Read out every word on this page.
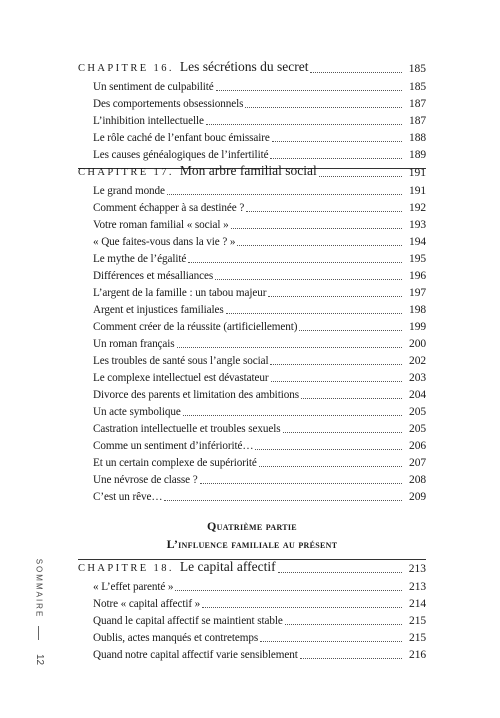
CHAPITRE 16. Les sécrétions du secret	185
Un sentiment de culpabilité	185
Des comportements obsessionnels	187
L’inhibition intellectuelle	187
Le rôle caché de l’enfant bouc émissaire	188
Les causes généalogiques de l’infertilité	189
CHAPITRE 17. Mon arbre familial social	191
Le grand monde	191
Comment échapper à sa destinée ?	192
Votre roman familial « social »	193
« Que faites-vous dans la vie ? »	194
Le mythe de l’égalité	195
Différences et mésalliances	196
L’argent de la famille : un tabou majeur	197
Argent et injustices familiales	198
Comment créer de la réussite (artificiellement)	199
Un roman français	200
Les troubles de santé sous l’angle social	202
Le complexe intellectuel est dévastateur	203
Divorce des parents et limitation des ambitions	204
Un acte symbolique	205
Castration intellectuelle et troubles sexuels	205
Comme un sentiment d’infériorité…	206
Et un certain complexe de supériorité	207
Une névrose de classe ?	208
C’est un rêve…	209
Quatrième partie
L’influence familiale au présent
CHAPITRE 18. Le capital affectif	213
« L’effet parenté »	213
Notre « capital affectif »	214
Quand le capital affectif se maintient stable	215
Oublis, actes manqués et contretemps	215
Quand notre capital affectif varie sensiblement	216
SOMMAIRE
12
